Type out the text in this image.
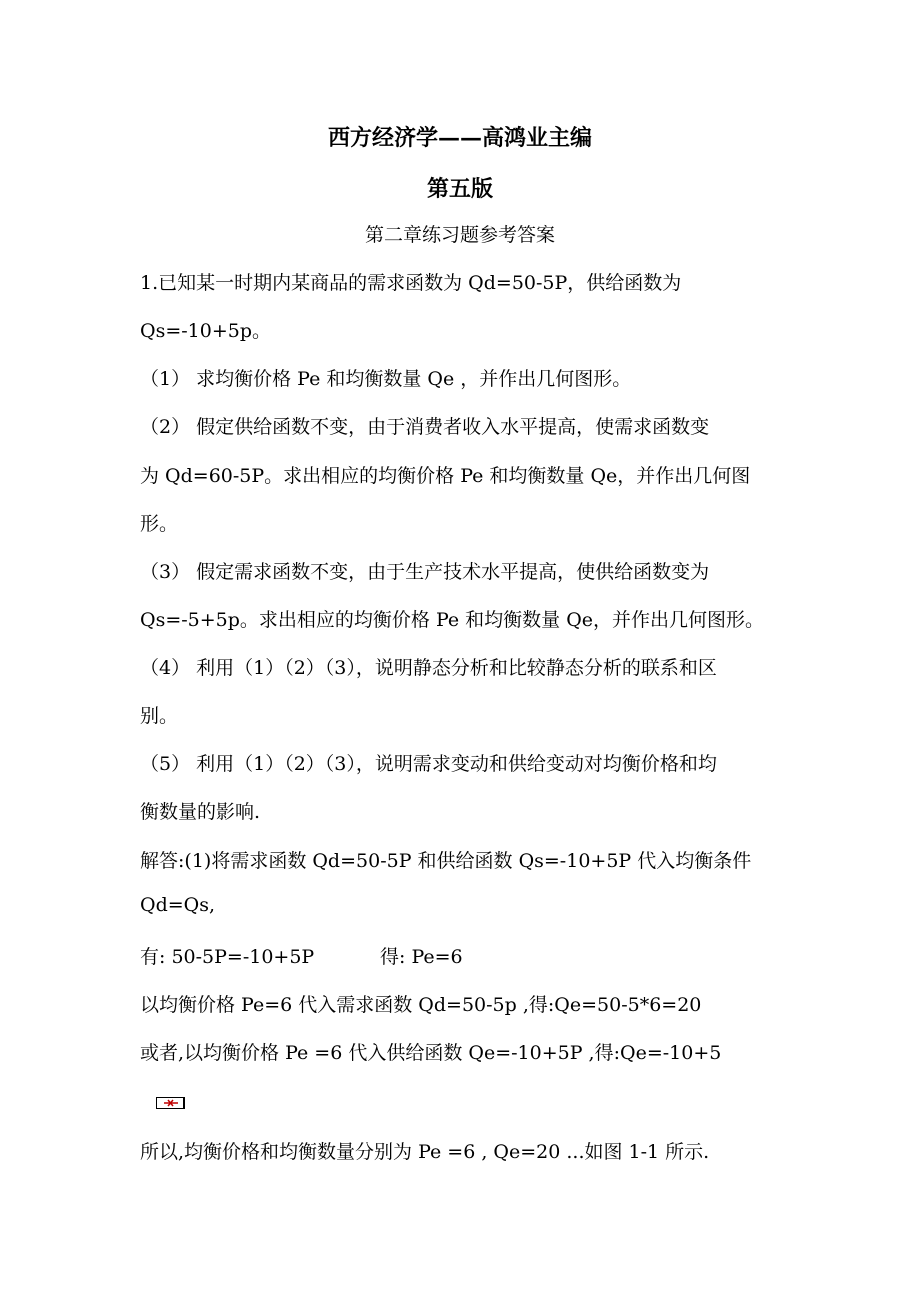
西方经济学——高鸿业主编
第五版
第二章练习题参考答案
1.已知某一时期内某商品的需求函数为 Qd=50-5P，供给函数为
Qs=-10+5p。
（1） 求均衡价格 Pe 和均衡数量 Qe ，并作出几何图形。
（2） 假定供给函数不变，由于消费者收入水平提高，使需求函数变
为 Qd=60-5P。求出相应的均衡价格 Pe 和均衡数量 Qe，并作出几何图
形。
（3） 假定需求函数不变，由于生产技术水平提高，使供给函数变为
Qs=-5+5p。求出相应的均衡价格 Pe 和均衡数量 Qe，并作出几何图形。
（4） 利用（1）（2）（3），说明静态分析和比较静态分析的联系和区
别。
（5） 利用（1）（2）（3），说明需求变动和供给变动对均衡价格和均
衡数量的影响.
解答:(1)将需求函数 Qd=50-5P 和供给函数 Qs=-10+5P 代入均衡条件
Qd=Qs,
有: 50-5P=-10+5P	得: Pe=6
以均衡价格 Pe=6 代入需求函数 Qd=50-5p ,得:Qe=50-5*6=20
或者,以均衡价格 Pe =6 代入供给函数 Qe=-10+5P ,得:Qe=-10+5
所以,均衡价格和均衡数量分别为 Pe =6 , Qe=20 ...如图 1-1 所示.
